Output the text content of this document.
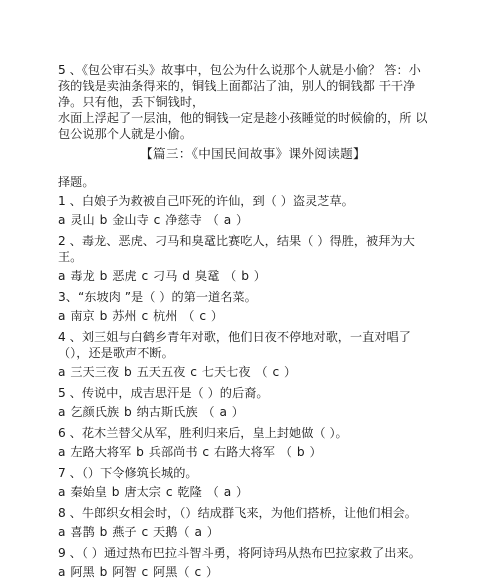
5 、《包公审石头》故事中，包公为什么说那个人就是小偷？ 答：小
孩的钱是卖油条得来的，铜钱上面都沾了油，别人的铜钱都 干干净
净。只有他，丢下铜钱时，
水面上浮起了一层油，他的铜钱一定是趁小孩睡觉的时候偷的，所 以
包公说那个人就是小偷。
【篇三：《中国民间故事》课外阅读题】
择题。
1 、白娘子为救被自己吓死的许仙，到（ ）盗灵芝草。
a 灵山 b 金山寺 c 净慈寺 （ a ）
2 、毒龙、恶虎、刁马和臭鼋比赛吃人，结果（ ）得胜，被拜为大
王。
a 毒龙 b 恶虎 c 刁马 d 臭鼋 （ b ）
3、“东坡肉 ”是（ ）的第一道名菜。
a 南京 b 苏州 c 杭州 （ c ）
4 、刘三姐与白鹤乡青年对歌，他们日夜不停地对歌，一直对唱了
（），还是歌声不断。
a 三天三夜 b 五天五夜 c 七天七夜 （ c ）
5 、传说中，成吉思汗是（ ）的后裔。
a 乞颜氏族 b 纳古斯氏族 （ a ）
6 、花木兰替父从军，胜利归来后，皇上封她做（ ）。
a 左路大将军 b 兵部尚书 c 右路大将军 （ b ）
7 、（）下令修筑长城的。
a 秦始皇 b 唐太宗 c 乾隆 （ a ）
8 、牛郎织女相会时，（）结成群飞来，为他们搭桥，让他们相会。
a 喜鹊 b 燕子 c 天鹅（ a ）
9 、（ ）通过热布巴拉斗智斗勇，将阿诗玛从热布巴拉家救了出来。
a 阿黑 b 阿智 c 阿黑（ c ）
